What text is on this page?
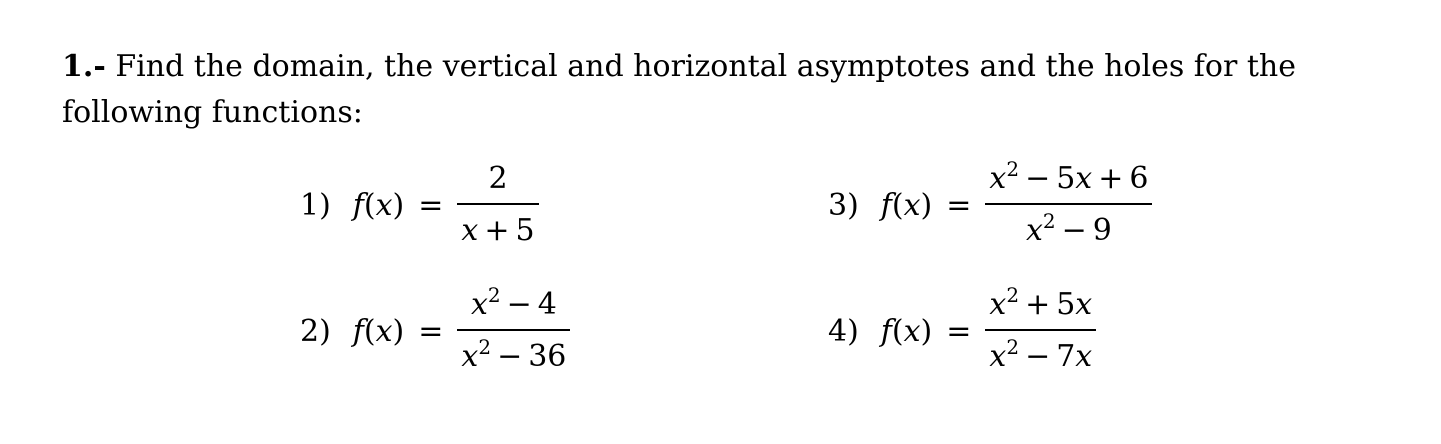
1.- Find the domain, the vertical and horizontal asymptotes and the holes for the following functions:
1) $f(x) = \frac{2}{x + 5}$
2) $f(x) = \frac{x^2 - 4}{x^2 - 36}$
3) $f(x) = \frac{x^2 - 5x + 6}{x^2 - 9}$
4) $f(x) = \frac{x^2 + 5x}{x^2 - 7x}$
